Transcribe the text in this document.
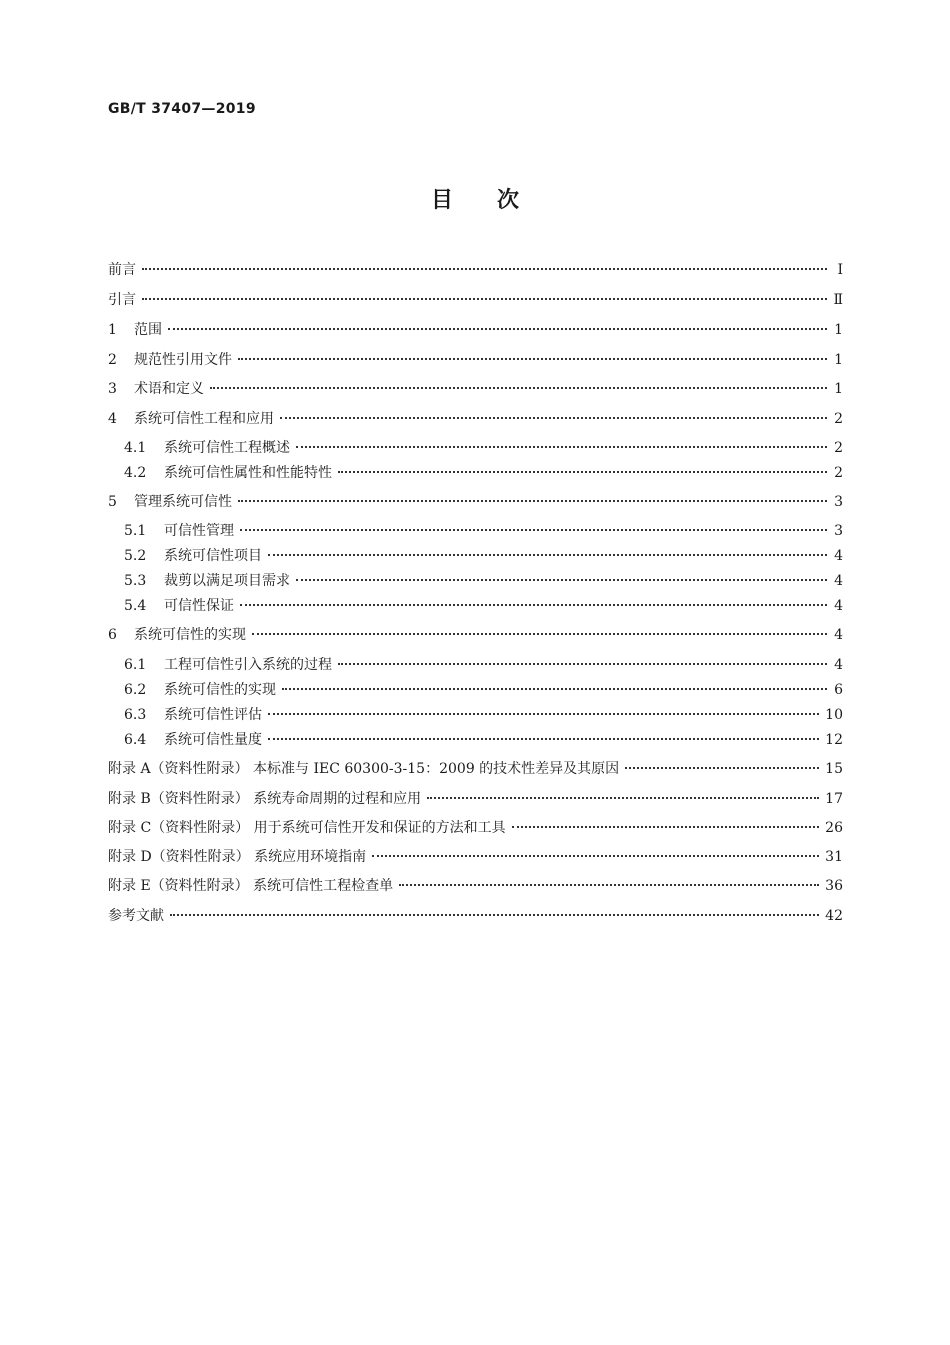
GB/T 37407—2019
目次
前言	Ⅰ
引言	Ⅱ
1	范围	1
2	规范性引用文件	1
3	术语和定义	1
4	系统可信性工程和应用	2
4.1	系统可信性工程概述	2
4.2	系统可信性属性和性能特性	2
5	管理系统可信性	3
5.1	可信性管理	3
5.2	系统可信性项目	4
5.3	裁剪以满足项目需求	4
5.4	可信性保证	4
6	系统可信性的实现	4
6.1	工程可信性引入系统的过程	4
6.2	系统可信性的实现	6
6.3	系统可信性评估	10
6.4	系统可信性量度	12
附录 A（资料性附录） 本标准与 IEC 60300-3-15：2009 的技术性差异及其原因	15
附录 B（资料性附录） 系统寿命周期的过程和应用	17
附录 C（资料性附录） 用于系统可信性开发和保证的方法和工具	26
附录 D（资料性附录） 系统应用环境指南	31
附录 E（资料性附录） 系统可信性工程检查单	36
参考文献	42
